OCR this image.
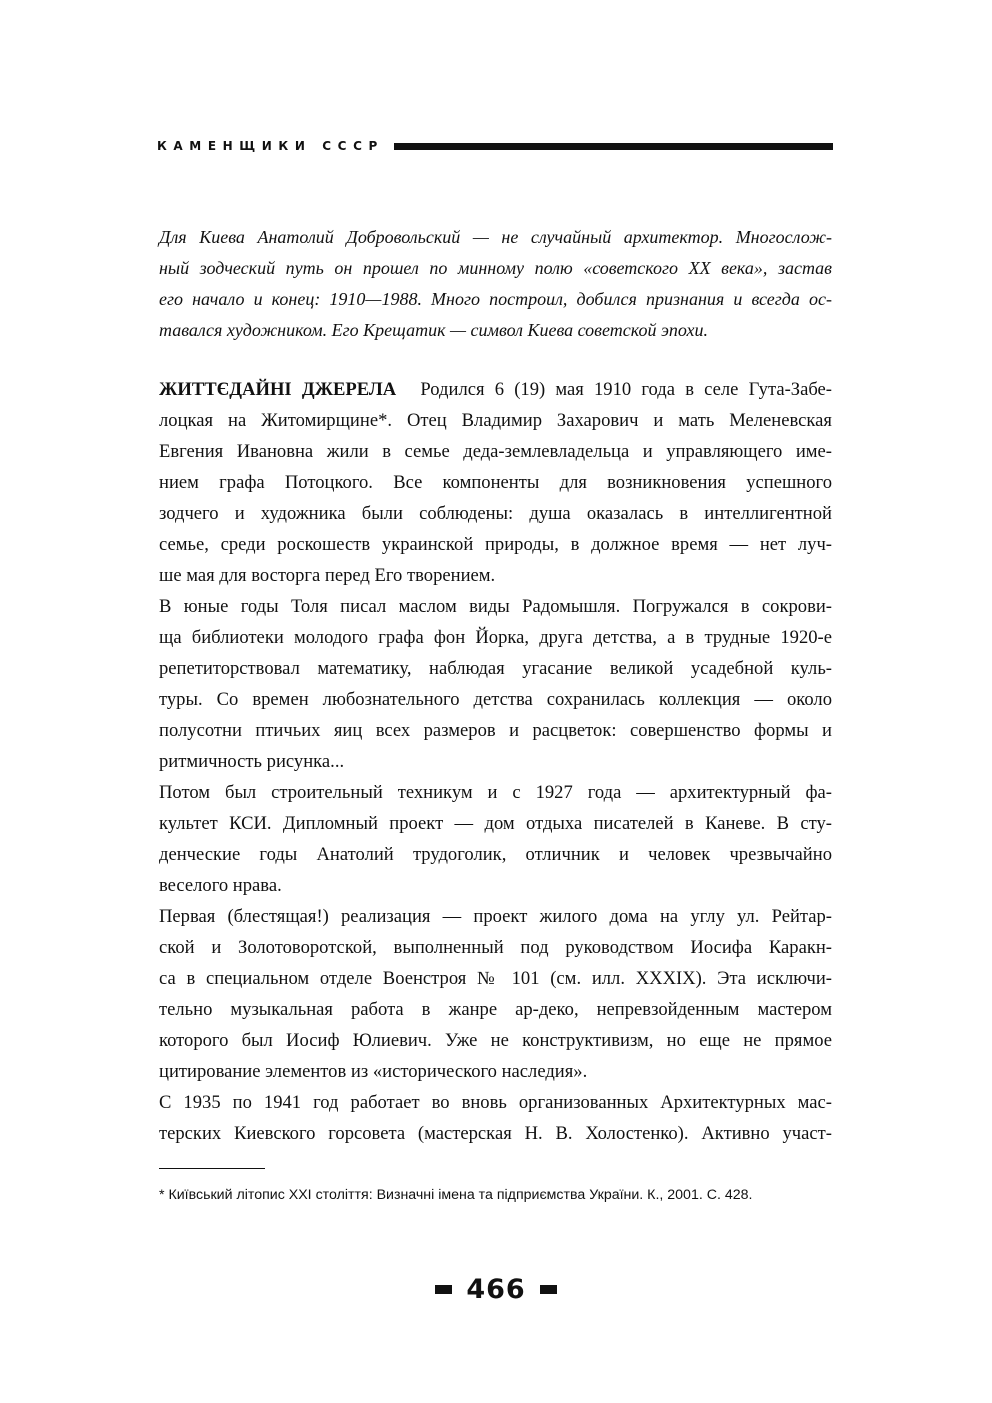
КАМЕНЩИКИ СССР
Для Киева Анатолий Добровольский — не случайный архитектор. Многослож-
ный зодческий путь он прошел по минному полю «советского XX века», застав
его начало и конец: 1910—1988. Много построил, добился признания и всегда ос-
тавался художником. Его Крещатик — символ Киева советской эпохи.
ЖИТТЄДАЙНІ ДЖЕРЕЛА Родился 6 (19) мая 1910 года в селе Гута-Забе-
лоцкая на Житомирщине*. Отец Владимир Захарович и мать Меленевская
Евгения Ивановна жили в семье деда-землевладельца и управляющего име-
нием графа Потоцкого. Все компоненты для возникновения успешного
зодчего и художника были соблюдены: душа оказалась в интеллигентной
семье, среди роскошеств украинской природы, в должное время — нет луч-
ше мая для восторга перед Его творением.
В юные годы Толя писал маслом виды Радомышля. Погружался в сокрови-
ща библиотеки молодого графа фон Йорка, друга детства, а в трудные 1920-е
репетиторствовал математику, наблюдая угасание великой усадебной куль-
туры. Со времен любознательного детства сохранилась коллекция — около
полусотни птичьих яиц всех размеров и расцветок: совершенство формы и
ритмичность рисунка...
Потом был строительный техникум и с 1927 года — архитектурный фа-
культет КСИ. Дипломный проект — дом отдыха писателей в Каневе. В сту-
денческие годы Анатолий трудоголик, отличник и человек чрезвычайно
веселого нрава.
Первая (блестящая!) реализация — проект жилого дома на углу ул. Рейтар-
ской и Золотоворотской, выполненный под руководством Иосифа Каракн-
са в специальном отделе Военстроя № 101 (см. илл. XXXIX). Эта исключи-
тельно музыкальная работа в жанре ар-деко, непревзойденным мастером
которого был Иосиф Юлиевич. Уже не конструктивизм, но еще не прямое
цитирование элементов из «исторического наследия».
С 1935 по 1941 год работает во вновь организованных Архитектурных мас-
терских Киевского горсовета (мастерская Н. В. Холостенко). Активно участ-
* Київський літопис XXI століття: Визначні імена та підприємства України. К., 2001. С. 428.
466
